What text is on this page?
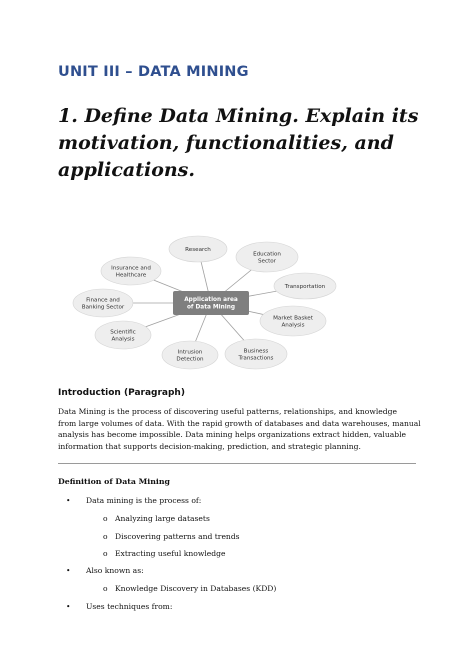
UNIT III – DATA MINING
1. Define Data Mining. Explain its
motivation, functionalities, and
applications.
Research
Education
Sector
Transportation
Market Basket
Analysis
Business
Transactions
Intrusion
Detection
Scientific
Analysis
Finance and
Banking Sector
Insurance and
Healthcare
Application area
of Data Mining
Introduction (Paragraph)

Data Mining is the process of discovering useful patterns, relationships, and knowledge
from large volumes of data. With the rapid growth of databases and data warehouses, manual
analysis has become impossible. Data mining helps organizations extract hidden, valuable
information that supports decision-making, prediction, and strategic planning.

Definition of Data Mining
• Data mining is the process of:
o Analyzing large datasets
o Discovering patterns and trends
o Extracting useful knowledge
• Also known as:
o Knowledge Discovery in Databases (KDD)
• Uses techniques from:
